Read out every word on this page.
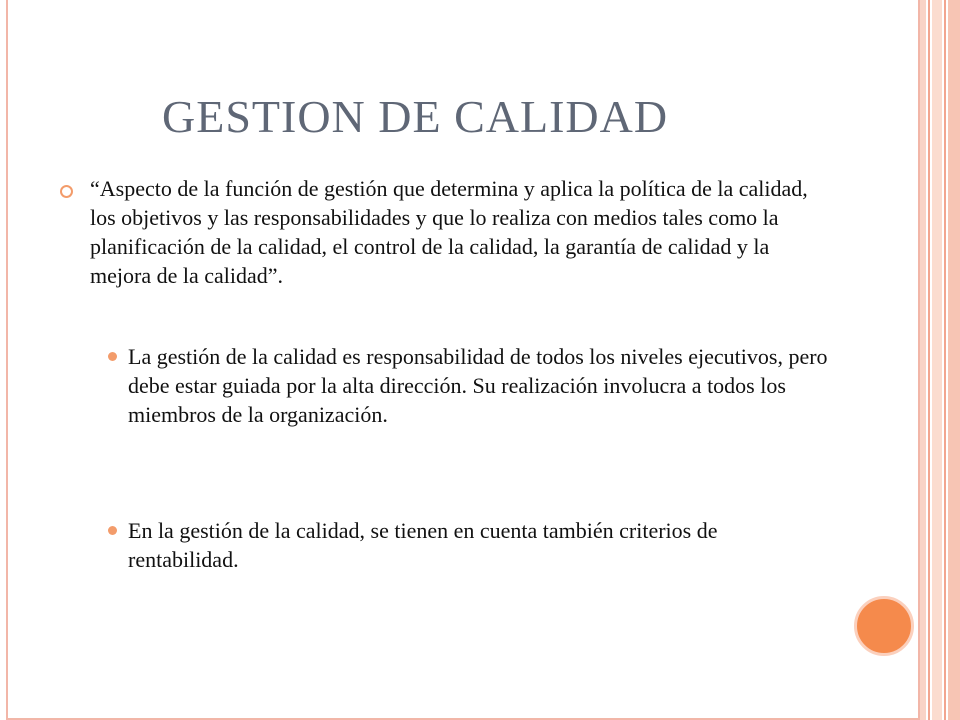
GESTION DE CALIDAD
“Aspecto de la función de gestión que determina y aplica la política de la calidad, los objetivos y las responsabilidades y que lo realiza con medios tales como la planificación de la calidad, el control de la calidad, la garantía de calidad y la mejora de la calidad”.
La gestión de la calidad es responsabilidad de todos los niveles ejecutivos, pero debe estar guiada por la alta dirección. Su realización involucra a todos los miembros de la organización.
En la gestión de la calidad, se tienen en cuenta también criterios de rentabilidad.
